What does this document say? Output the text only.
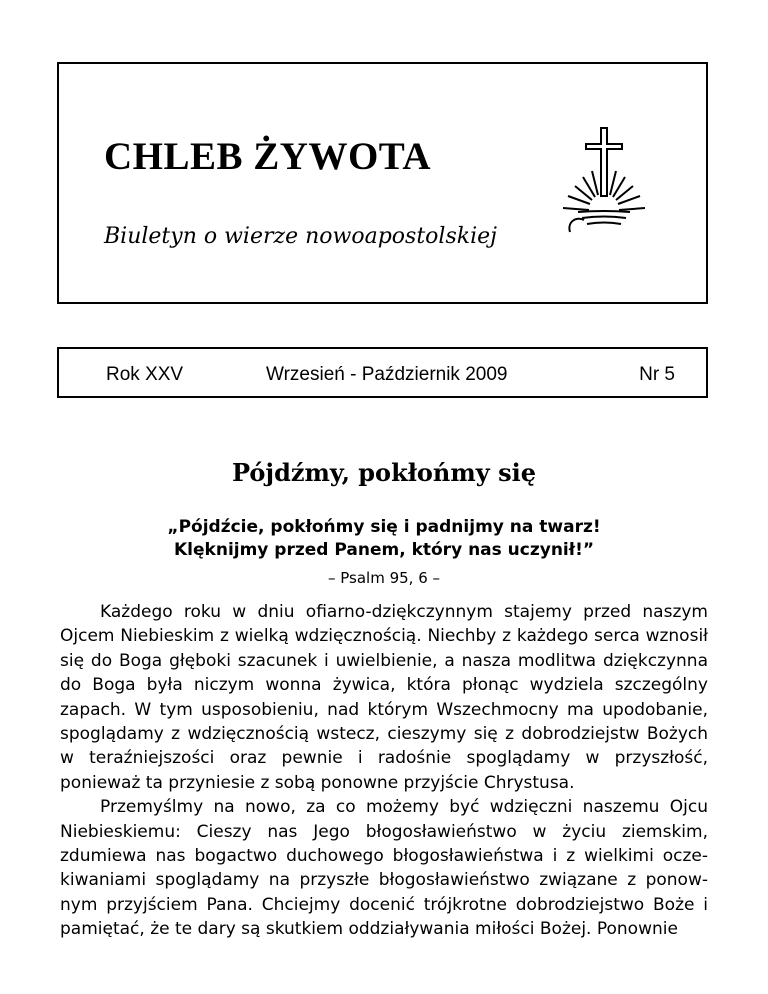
CHLEB ŻYWOTA

Biuletyn o wierze nowoapostolskiej

Rok XXV	Wrzesień - Październik 2009	Nr 5
Pójdźmy, pokłońmy się
„Pójdźcie, pokłońmy się i padnijmy na twarz!
Klęknijmy przed Panem, który nas uczynił!”
– Psalm 95, 6 –

Każdego roku w dniu ofiarno-dziękczynnym stajemy przed naszym Ojcem Niebieskim z wielką wdzięcznością. Niechby z każdego serca wznosił się do Boga głęboki szacunek i uwielbienie, a nasza modlitwa dziękczynna do Boga była niczym wonna żywica, która płonąc wydziela szczególny zapach. W tym usposobieniu, nad którym Wszechmocny ma upodobanie, spoglądamy z wdzięcznością wstecz, cieszymy się z dobrodziejstw Bożych w teraźniejszości oraz pewnie i radośnie spoglądamy w przyszłość, ponieważ ta przyniesie z sobą ponowne przyjście Chrystusa.

Przemyślmy na nowo, za co możemy być wdzięczni naszemu Ojcu Niebieskiemu: Cieszy nas Jego błogosławieństwo w życiu ziemskim, zdumiewa nas bogactwo duchowego błogosławieństwa i z wielkimi oczekiwaniami spoglądamy na przyszłe błogosławieństwo związane z ponownym przyjściem Pana. Chciejmy docenić trójkrotne dobrodziejstwo Boże i pamiętać, że te dary są skutkiem oddziaływania miłości Bożej. Ponownie
